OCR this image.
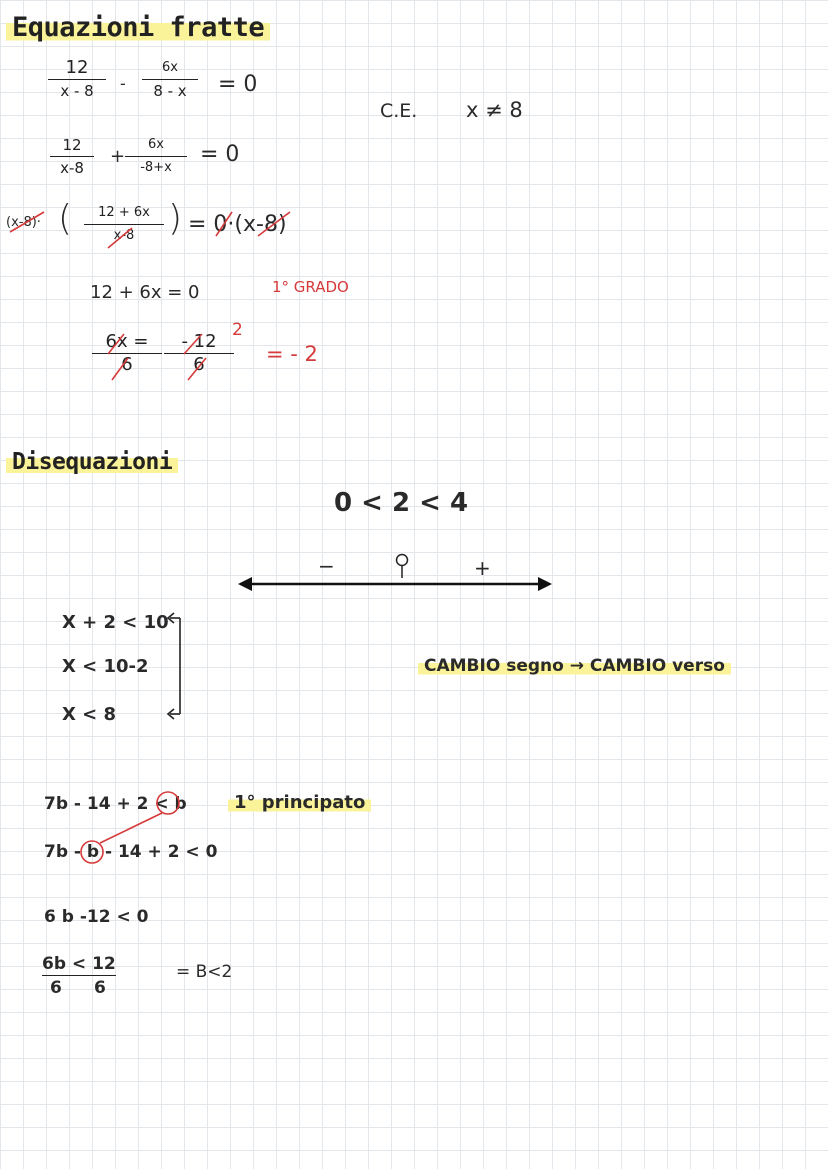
Equazioni fratte
12
x - 8	-
6x
8 - x	= 0
C.E. x ≠ 8
12
x-8
+
6x
-8+x
= 0
(x-8)· (	12 + 6x
x-8 ) = 0·(x-8)
12 + 6x = 0	1° GRADO
6x =
6
- 12
6
2
= - 2
Disequazioni
0 < 2 < 4
−	+
X + 2 < 10
X < 10-2
X < 8
CAMBIO segno → CAMBIO verso
7b - 14 + 2 < b	1° principato
7b - b - 14 + 2 < 0
6 b -12 < 0
6b < 12
6 6
= B<2
